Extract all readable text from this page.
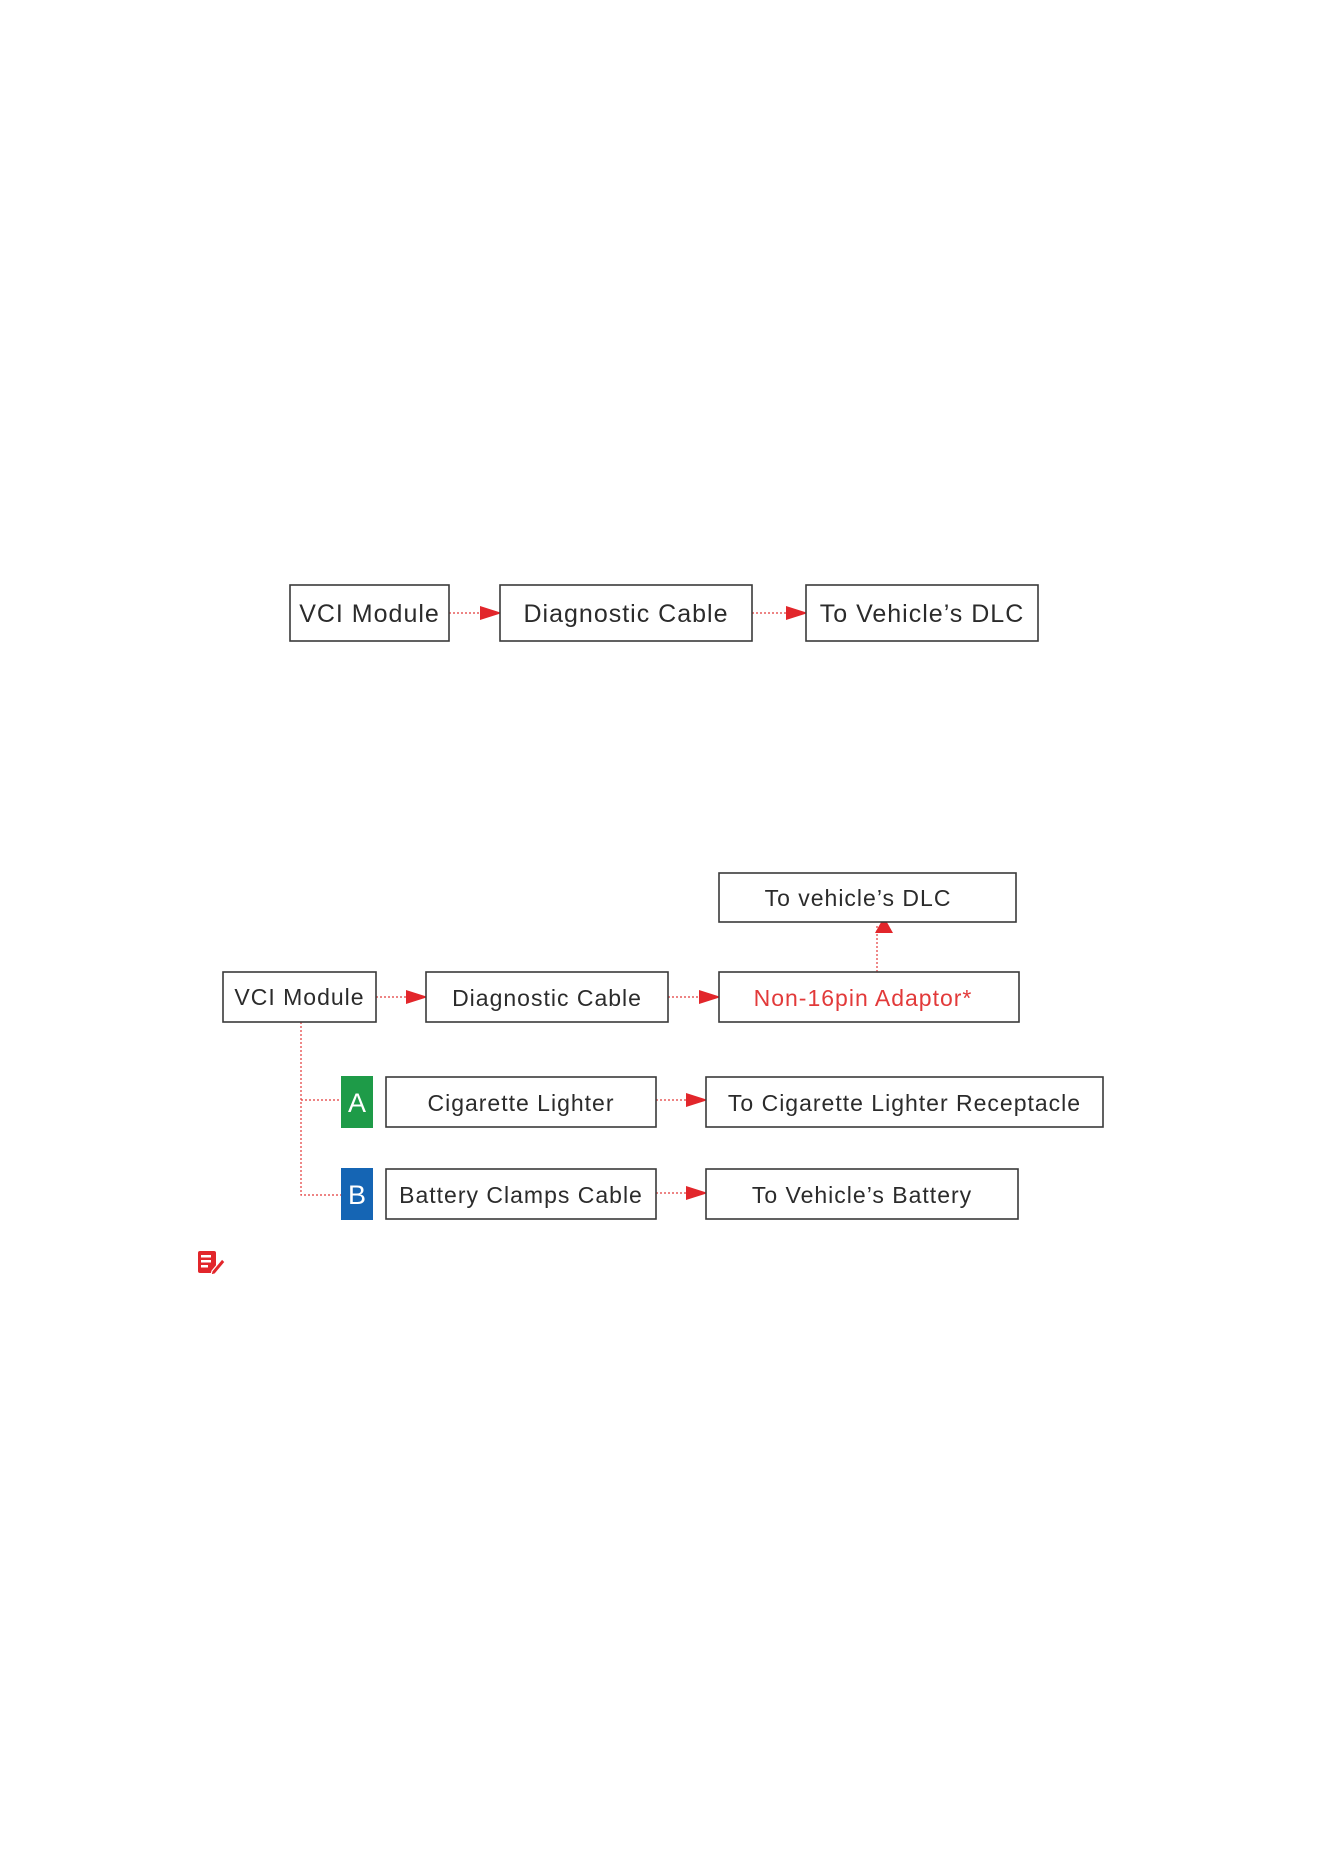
VCI Module	Diagnostic Cable	To Vehicle’s DLC
To vehicle’s DLC
VCI Module	Diagnostic Cable	Non-16pin Adaptor*
A	Cigarette Lighter	To Cigarette Lighter Receptacle
B Battery Clamps Cable	To Vehicle’s Battery
